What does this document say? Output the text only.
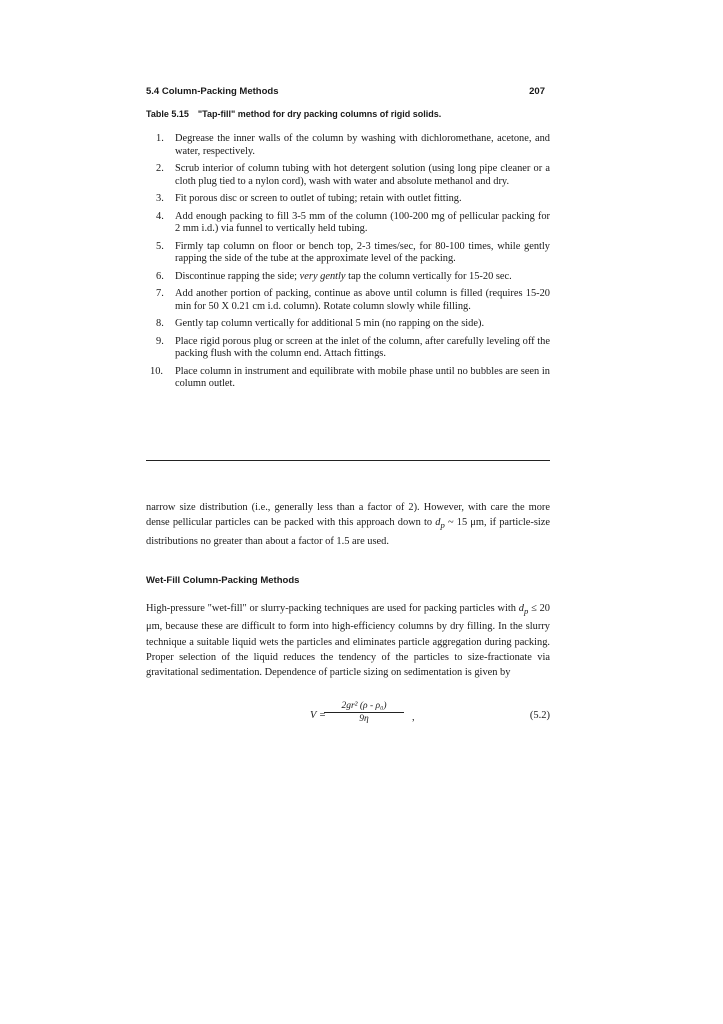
5.4 Column-Packing Methods	207
Table 5.15 "Tap-fill" method for dry packing columns of rigid solids.
1. Degrease the inner walls of the column by washing with dichloromethane, acetone, and water, respectively.
2. Scrub interior of column tubing with hot detergent solution (using long pipe cleaner or a cloth plug tied to a nylon cord), wash with water and absolute methanol and dry.
3. Fit porous disc or screen to outlet of tubing; retain with outlet fitting.
4. Add enough packing to fill 3-5 mm of the column (100-200 mg of pellicular packing for 2 mm i.d.) via funnel to vertically held tubing.
5. Firmly tap column on floor or bench top, 2-3 times/sec, for 80-100 times, while gently rapping the side of the tube at the approximate level of the packing.
6. Discontinue rapping the side; very gently tap the column vertically for 15-20 sec.
7. Add another portion of packing, continue as above until column is filled (requires 15-20 min for 50 X 0.21 cm i.d. column). Rotate column slowly while filling.
8. Gently tap column vertically for additional 5 min (no rapping on the side).
9. Place rigid porous plug or screen at the inlet of the column, after carefully leveling off the packing flush with the column end. Attach fittings.
10. Place column in instrument and equilibrate with mobile phase until no bubbles are seen in column outlet.

narrow size distribution (i.e., generally less than a factor of 2). However, with care the more dense pellicular particles can be packed with this approach down to $d_p$ ~ 15 μm, if particle-size distributions no greater than about a factor of 1.5 are used.

Wet-Fill Column-Packing Methods

High-pressure "wet-fill" or slurry-packing techniques are used for packing particles with $d_p \le 20$ μm, because these are difficult to form into high-efficiency columns by dry filling. In the slurry technique a suitable liquid wets the particles and eliminates particle aggregation during packing. Proper selection of the liquid reduces the tendency of the particles to size-fractionate via gravitational sedimentation. Dependence of particle sizing on sedimentation is given by

V =
$\frac{\text{2gr² (ρ - ρ₀)}}{9\eta}$ ,	(5.2)
